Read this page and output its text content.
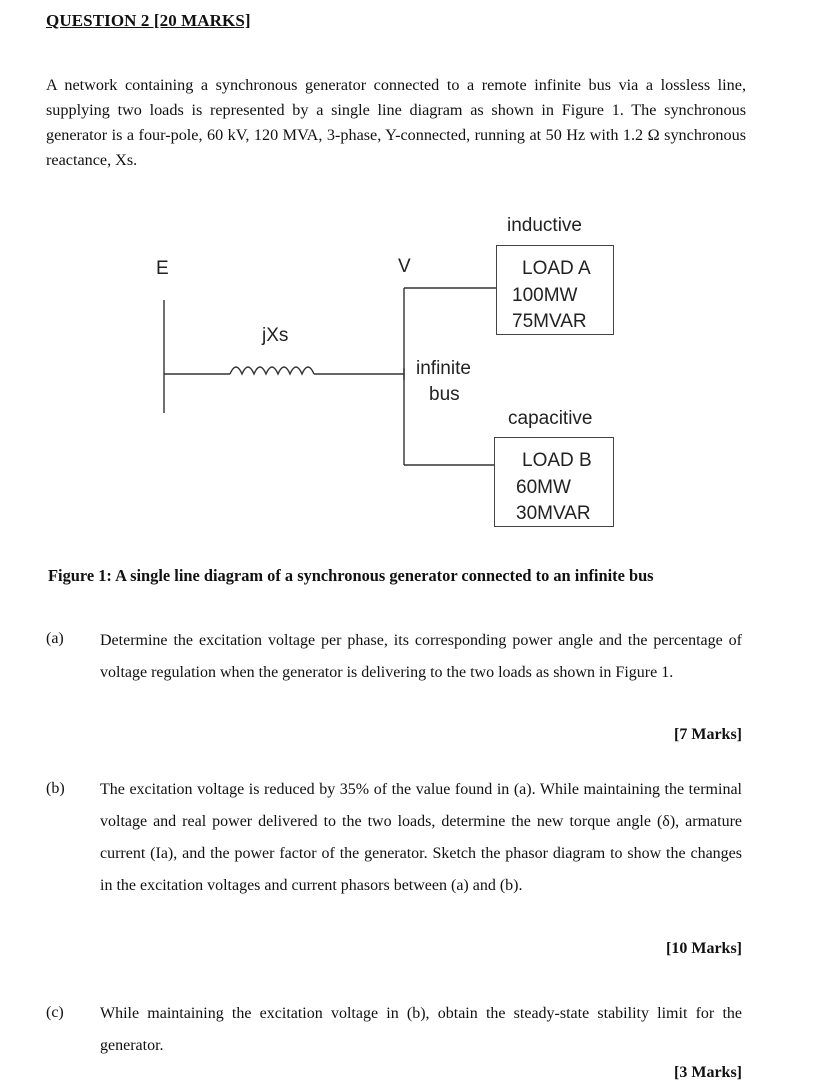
QUESTION 2 [20 MARKS]
A network containing a synchronous generator connected to a remote infinite bus via a lossless line, supplying two loads is represented by a single line diagram as shown in Figure 1. The synchronous generator is a four-pole, 60 kV, 120 MVA, 3-phase, Y-connected, running at 50 Hz with 1.2 Ω synchronous reactance, Xs.
E	V
jXs
infinite
bus
inductive
LOAD A
100MW
75MVAR
capacitive
LOAD B
60MW
30MVAR
Figure 1: A single line diagram of a synchronous generator connected to an infinite bus
(a) Determine the excitation voltage per phase, its corresponding power angle and the percentage of voltage regulation when the generator is delivering to the two loads as shown in Figure 1.
[7 Marks]
(b) The excitation voltage is reduced by 35% of the value found in (a). While maintaining the terminal voltage and real power delivered to the two loads, determine the new torque angle (δ), armature current (Ia), and the power factor of the generator. Sketch the phasor diagram to show the changes in the excitation voltages and current phasors between (a) and (b).
[10 Marks]
(c) While maintaining the excitation voltage in (b), obtain the steady-state stability limit for the generator.
[3 Marks]
